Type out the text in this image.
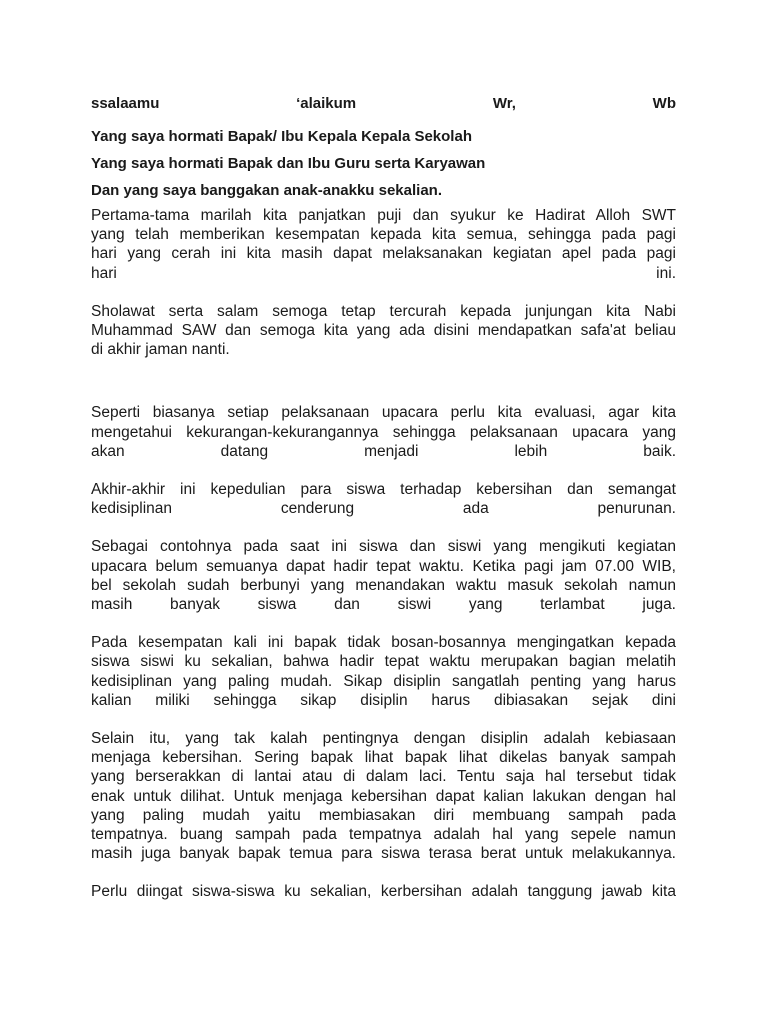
ssalaamu	‘alaikum	Wr,	Wb
Yang saya hormati Bapak/ Ibu Kepala Kepala Sekolah
Yang saya hormati Bapak dan Ibu Guru serta Karyawan
Dan yang saya banggakan anak-anakku sekalian.

Pertama-tama marilah kita panjatkan puji dan syukur ke Hadirat Alloh SWT

yang telah memberikan kesempatan kepada kita semua, sehingga pada pagi

hari yang cerah ini kita masih dapat melaksanakan kegiatan apel pada pagi

hari ini.

Sholawat serta salam semoga tetap tercurah kepada junjungan kita Nabi

Muhammad SAW dan semoga kita yang ada disini mendapatkan safa'at beliau

di akhir jaman nanti.

Seperti biasanya setiap pelaksanaan upacara perlu kita evaluasi, agar kita

mengetahui kekurangan-kekurangannya sehingga pelaksanaan upacara yang

akan datang menjadi lebih baik.

Akhir-akhir ini kepedulian para siswa terhadap kebersihan dan semangat

kedisiplinan cenderung ada penurunan.

Sebagai contohnya pada saat ini siswa dan siswi yang mengikuti kegiatan

upacara belum semuanya dapat hadir tepat waktu. Ketika pagi jam 07.00 WIB,

bel sekolah sudah berbunyi yang menandakan waktu masuk sekolah namun

masih banyak siswa dan siswi yang terlambat juga.

Pada kesempatan kali ini bapak tidak bosan-bosannya mengingatkan kepada

siswa siswi ku sekalian, bahwa hadir tepat waktu merupakan bagian melatih

kedisiplinan yang paling mudah. Sikap disiplin sangatlah penting yang harus

kalian miliki sehingga sikap disiplin harus dibiasakan sejak dini

Selain itu, yang tak kalah pentingnya dengan disiplin adalah kebiasaan

menjaga kebersihan. Sering bapak lihat bapak lihat dikelas banyak sampah

yang berserakkan di lantai atau di dalam laci. Tentu saja hal tersebut tidak

enak untuk dilihat. Untuk menjaga kebersihan dapat kalian lakukan dengan hal

yang paling mudah yaitu membiasakan diri membuang sampah pada

tempatnya. buang sampah pada tempatnya adalah hal yang sepele namun

masih juga banyak bapak temua para siswa terasa berat untuk melakukannya.

Perlu diingat siswa-siswa ku sekalian, kerbersihan adalah tanggung jawab kita
